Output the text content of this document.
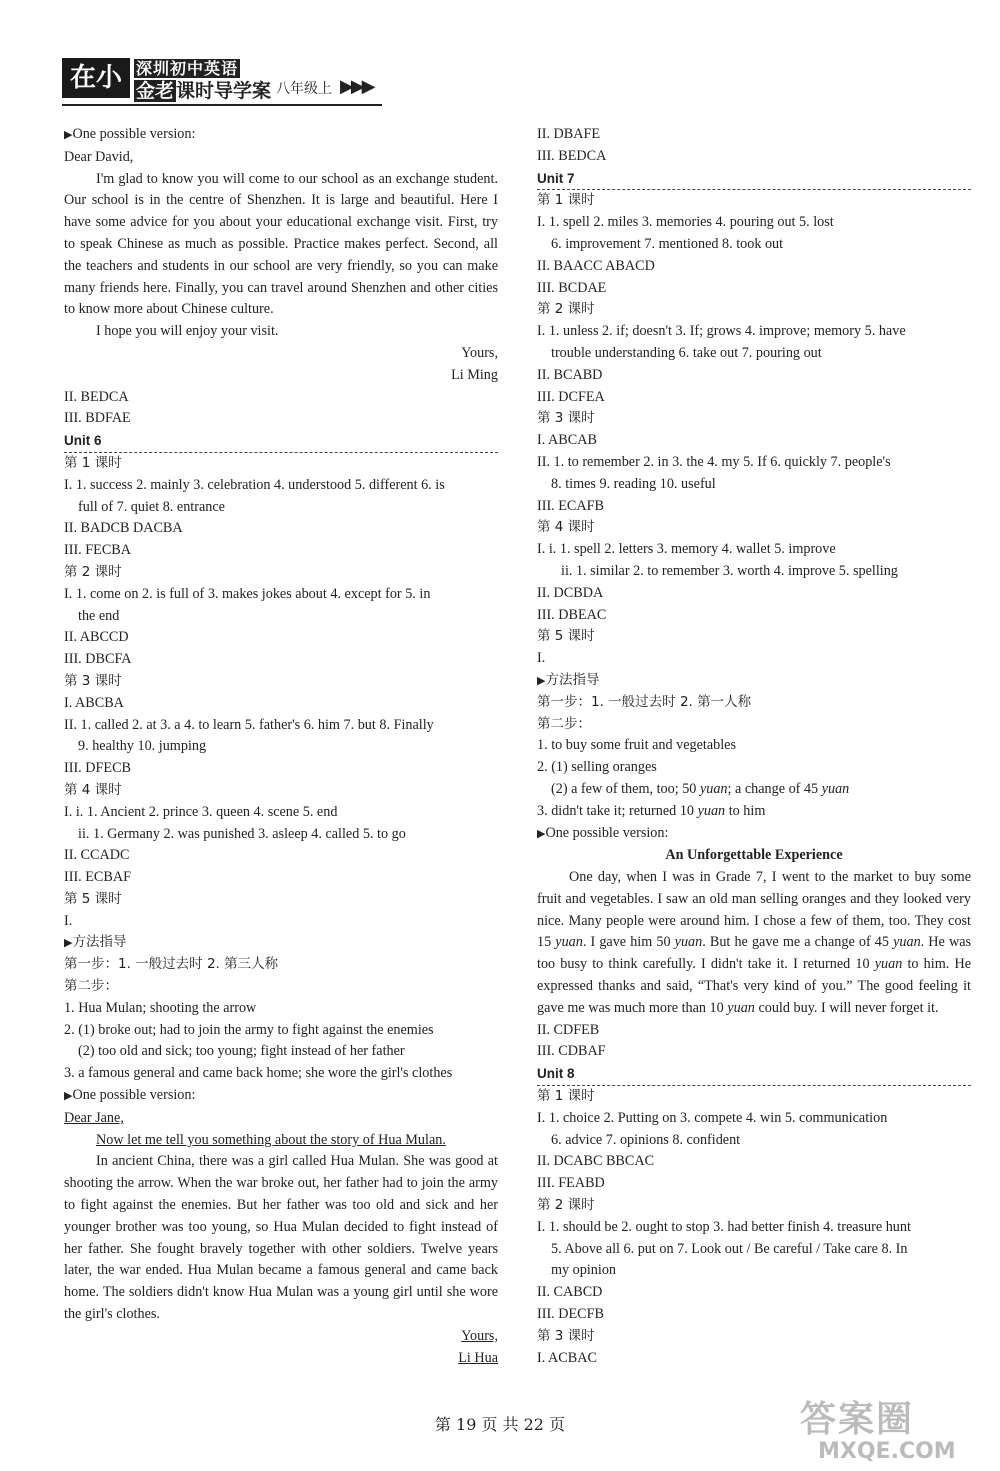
在小 深圳初中英语
金老 课时导学案 八年级上 ▶▶▶
▶One possible version:
Dear David,
I'm glad to know you will come to our school as an exchange student. Our school is in the centre of Shenzhen. It is large and beautiful. Here I have some advice for you about your educational exchange visit. First, try to speak Chinese as much as possible. Practice makes perfect. Second, all the teachers and students in our school are very friendly, so you can make many friends here. Finally, you can travel around Shenzhen and other cities to know more about Chinese culture.
I hope you will enjoy your visit.
Yours,
Li Ming
II. BEDCA
III. BDFAE
Unit 6
第 1 课时
I. 1. success 2. mainly 3. celebration 4. understood 5. different 6. is
full of 7. quiet 8. entrance
II. BADCB DACBA
III. FECBA
第 2 课时
I. 1. come on 2. is full of 3. makes jokes about 4. except for 5. in
the end
II. ABCCD
III. DBCFA
第 3 课时
I. ABCBA
II. 1. called 2. at 3. a 4. to learn 5. father's 6. him 7. but 8. Finally
9. healthy 10. jumping
III. DFECB
第 4 课时
I. i. 1. Ancient 2. prince 3. queen 4. scene 5. end
ii. 1. Germany 2. was punished 3. asleep 4. called 5. to go
II. CCADC
III. ECBAF
第 5 课时
I.
▶方法指导
第一步：1. 一般过去时 2. 第三人称
第二步：
1. Hua Mulan; shooting the arrow
2. (1) broke out; had to join the army to fight against the enemies
(2) too old and sick; too young; fight instead of her father
3. a famous general and came back home; she wore the girl's clothes
▶One possible version:
Dear Jane,
Now let me tell you something about the story of Hua Mulan.
In ancient China, there was a girl called Hua Mulan. She was good at shooting the arrow. When the war broke out, her father had to join the army to fight against the enemies. But her father was too old and sick and her younger brother was too young, so Hua Mulan decided to fight instead of her father. She fought bravely together with other soldiers. Twelve years later, the war ended. Hua Mulan became a famous general and came back home. The soldiers didn't know Hua Mulan was a young girl until she wore the girl's clothes.
Yours,
Li Hua
II. DBAFE
III. BEDCA
Unit 7
第 1 课时
I. 1. spell 2. miles 3. memories 4. pouring out 5. lost
6. improvement 7. mentioned 8. took out
II. BAACC ABACD
III. BCDAE
第 2 课时
I. 1. unless 2. if; doesn't 3. If; grows 4. improve; memory 5. have
trouble understanding 6. take out 7. pouring out
II. BCABD
III. DCFEA
第 3 课时
I. ABCAB
II. 1. to remember 2. in 3. the 4. my 5. If 6. quickly 7. people's
8. times 9. reading 10. useful
III. ECAFB
第 4 课时
I. i. 1. spell 2. letters 3. memory 4. wallet 5. improve
ii. 1. similar 2. to remember 3. worth 4. improve 5. spelling
II. DCBDA
III. DBEAC
第 5 课时
I.
▶方法指导
第一步：1. 一般过去时 2. 第一人称
第二步：
1. to buy some fruit and vegetables
2. (1) selling oranges
(2) a few of them, too; 50 yuan; a change of 45 yuan
3. didn't take it; returned 10 yuan to him
▶One possible version:
An Unforgettable Experience
One day, when I was in Grade 7, I went to the market to buy some fruit and vegetables. I saw an old man selling oranges and they looked very nice. Many people were around him. I chose a few of them, too. They cost 15 yuan. I gave him 50 yuan. But he gave me a change of 45 yuan. He was too busy to think carefully. I didn't take it. I returned 10 yuan to him. He expressed thanks and said, “That's very kind of you.” The good feeling it gave me was much more than 10 yuan could buy. I will never forget it.
II. CDFEB
III. CDBAF
Unit 8
第 1 课时
I. 1. choice 2. Putting on 3. compete 4. win 5. communication
6. advice 7. opinions 8. confident
II. DCABC BBCAC
III. FEABD
第 2 课时
I. 1. should be 2. ought to stop 3. had better finish 4. treasure hunt
5. Above all 6. put on 7. Look out / Be careful / Take care 8. In
my opinion
II. CABCD
III. DECFB
第 3 课时
I. ACBAC
第 19 页 共 22 页	答案圈
MXQE.COM
